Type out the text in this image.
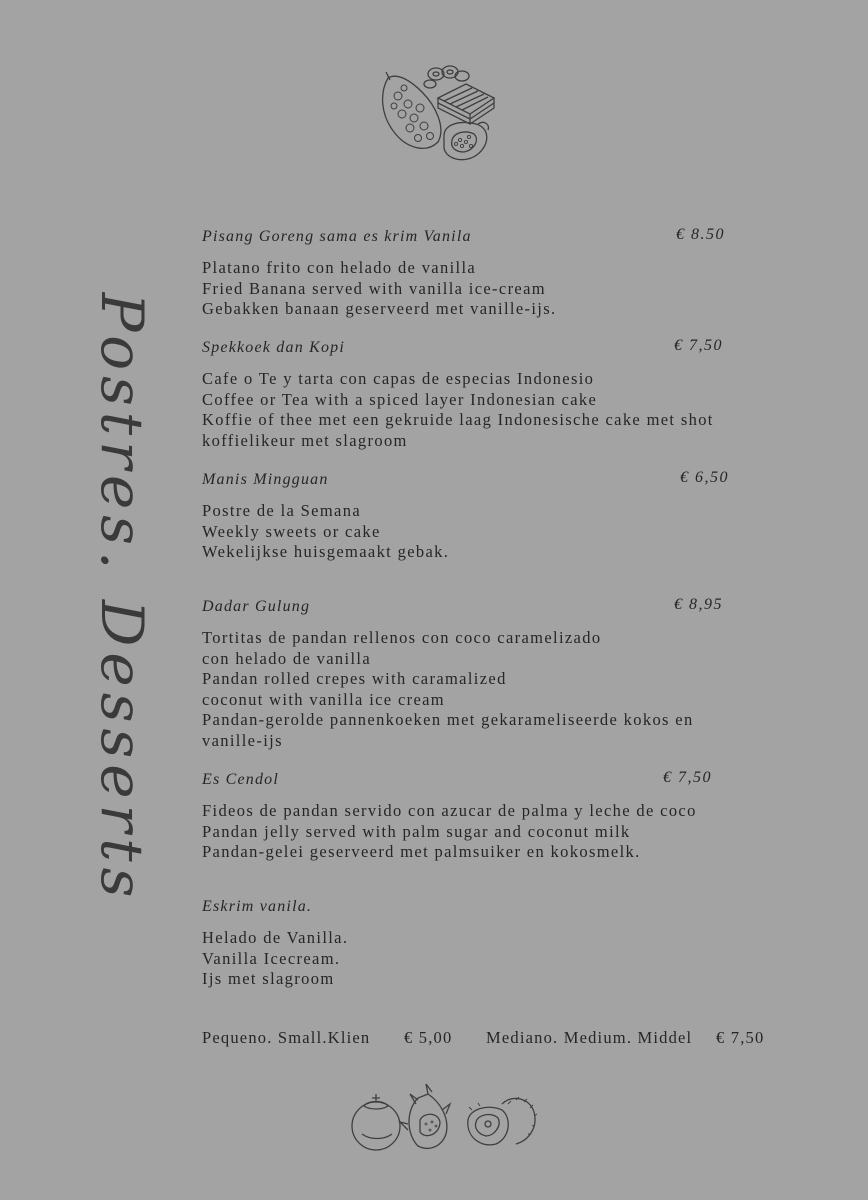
Postres. Desserts
Pisang Goreng sama es krim Vanila	€ 8.50
Platano frito con helado de vanilla
Fried Banana served with vanilla ice-cream
Gebakken banaan geserveerd met vanille-ijs.
Spekkoek dan Kopi	€ 7,50
Cafe o Te y tarta con capas de especias Indonesio
Coffee or Tea with a spiced layer Indonesian cake
Koffie of thee met een gekruide laag Indonesische cake met shot
koffielikeur met slagroom
Manis Mingguan	€ 6,50
Postre de la Semana
Weekly sweets or cake
Wekelijkse huisgemaakt gebak.
Dadar Gulung	€ 8,95
Tortitas de pandan rellenos con coco caramelizado
con helado de vanilla
Pandan rolled crepes with caramalized
coconut with vanilla ice cream
Pandan-gerolde pannenkoeken met gekarameliseerde kokos en
vanille-ijs
Es Cendol	€ 7,50
Fideos de pandan servido con azucar de palma y leche de coco
Pandan jelly served with palm sugar and coconut milk
Pandan-gelei geserveerd met palmsuiker en kokosmelk.
Eskrim vanila.
Helado de Vanilla.
Vanilla Icecream.
Ijs met slagroom
Pequeno. Small.Klien € 5,00 Mediano. Medium. Middel € 7,50
